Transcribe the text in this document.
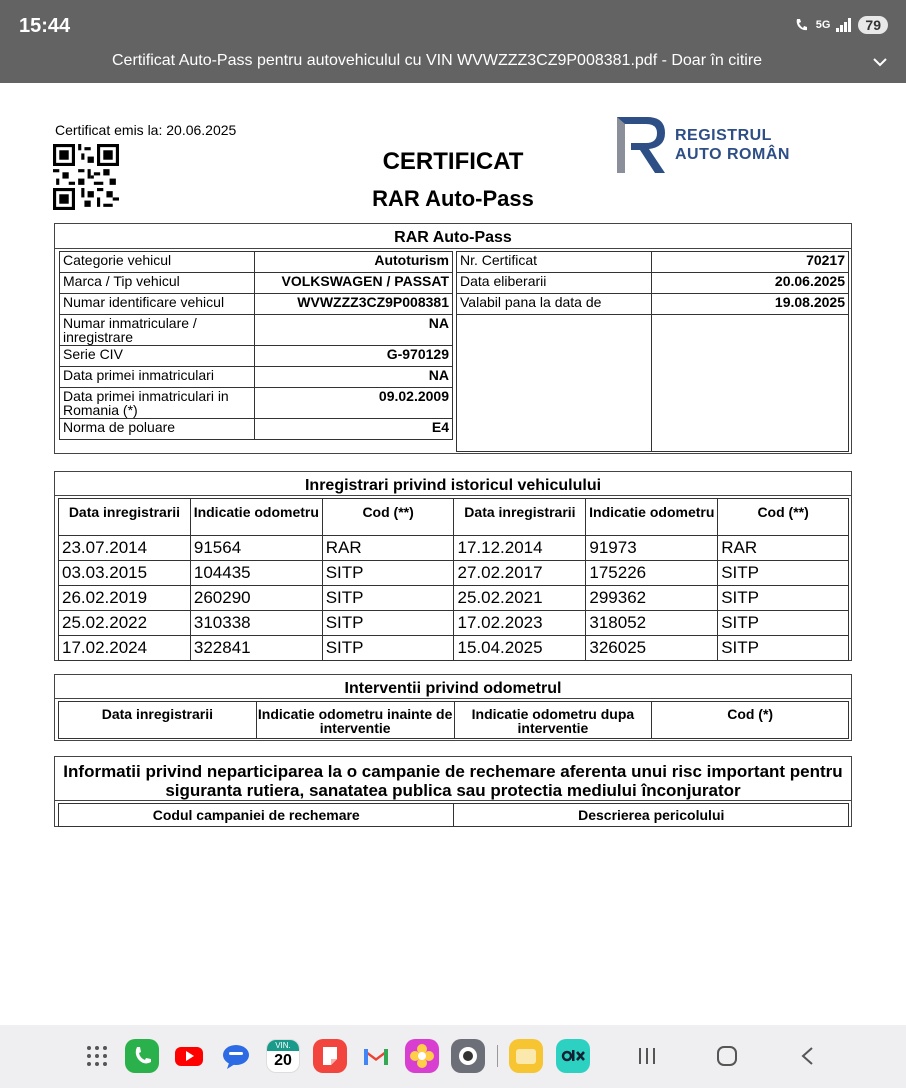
15:44	5G	79
Certificat Auto-Pass pentru autovehiculul cu VIN WVWZZZ3CZ9P008381.pdf - Doar în citire
Certificat emis la: 20.06.2025
CERTIFICAT
RAR Auto-Pass
REGISTRUL
AUTO ROMÂN
RAR Auto-Pass
Categorie vehicul	Autoturism
Marca / Tip vehicul	VOLKSWAGEN / PASSAT
Numar identificare vehicul	WVWZZZ3CZ9P008381
Numar inmatriculare / inregistrare	NA
Serie CIV	G-970129
Data primei inmatriculari	NA
Data primei inmatriculari in Romania (*)	09.02.2009
Norma de poluare	E4
Nr. Certificat	70217
Data eliberarii	20.06.2025
Valabil pana la data de	19.08.2025

Inregistrari privind istoricul vehiculului
Data inregistrarii	Indicatie odometru	Cod (**)	Data inregistrarii	Indicatie odometru	Cod (**)
23.07.2014	91564	RAR	17.12.2014	91973	RAR
03.03.2015	104435	SITP	27.02.2017	175226	SITP
26.02.2019	260290	SITP	25.02.2021	299362	SITP
25.02.2022	310338	SITP	17.02.2023	318052	SITP
17.02.2024	322841	SITP	15.04.2025	326025	SITP
Interventii privind odometrul
Data inregistrarii	Indicatie odometru inainte de interventie	Indicatie odometru dupa interventie	Cod (*)
Informatii privind neparticiparea la o campanie de rechemare aferenta unui risc important pentru siguranta rutiera, sanatatea publica sau protectia mediului înconjurator
Codul campaniei de rechemare	Descrierea pericolului
VIN.
20
